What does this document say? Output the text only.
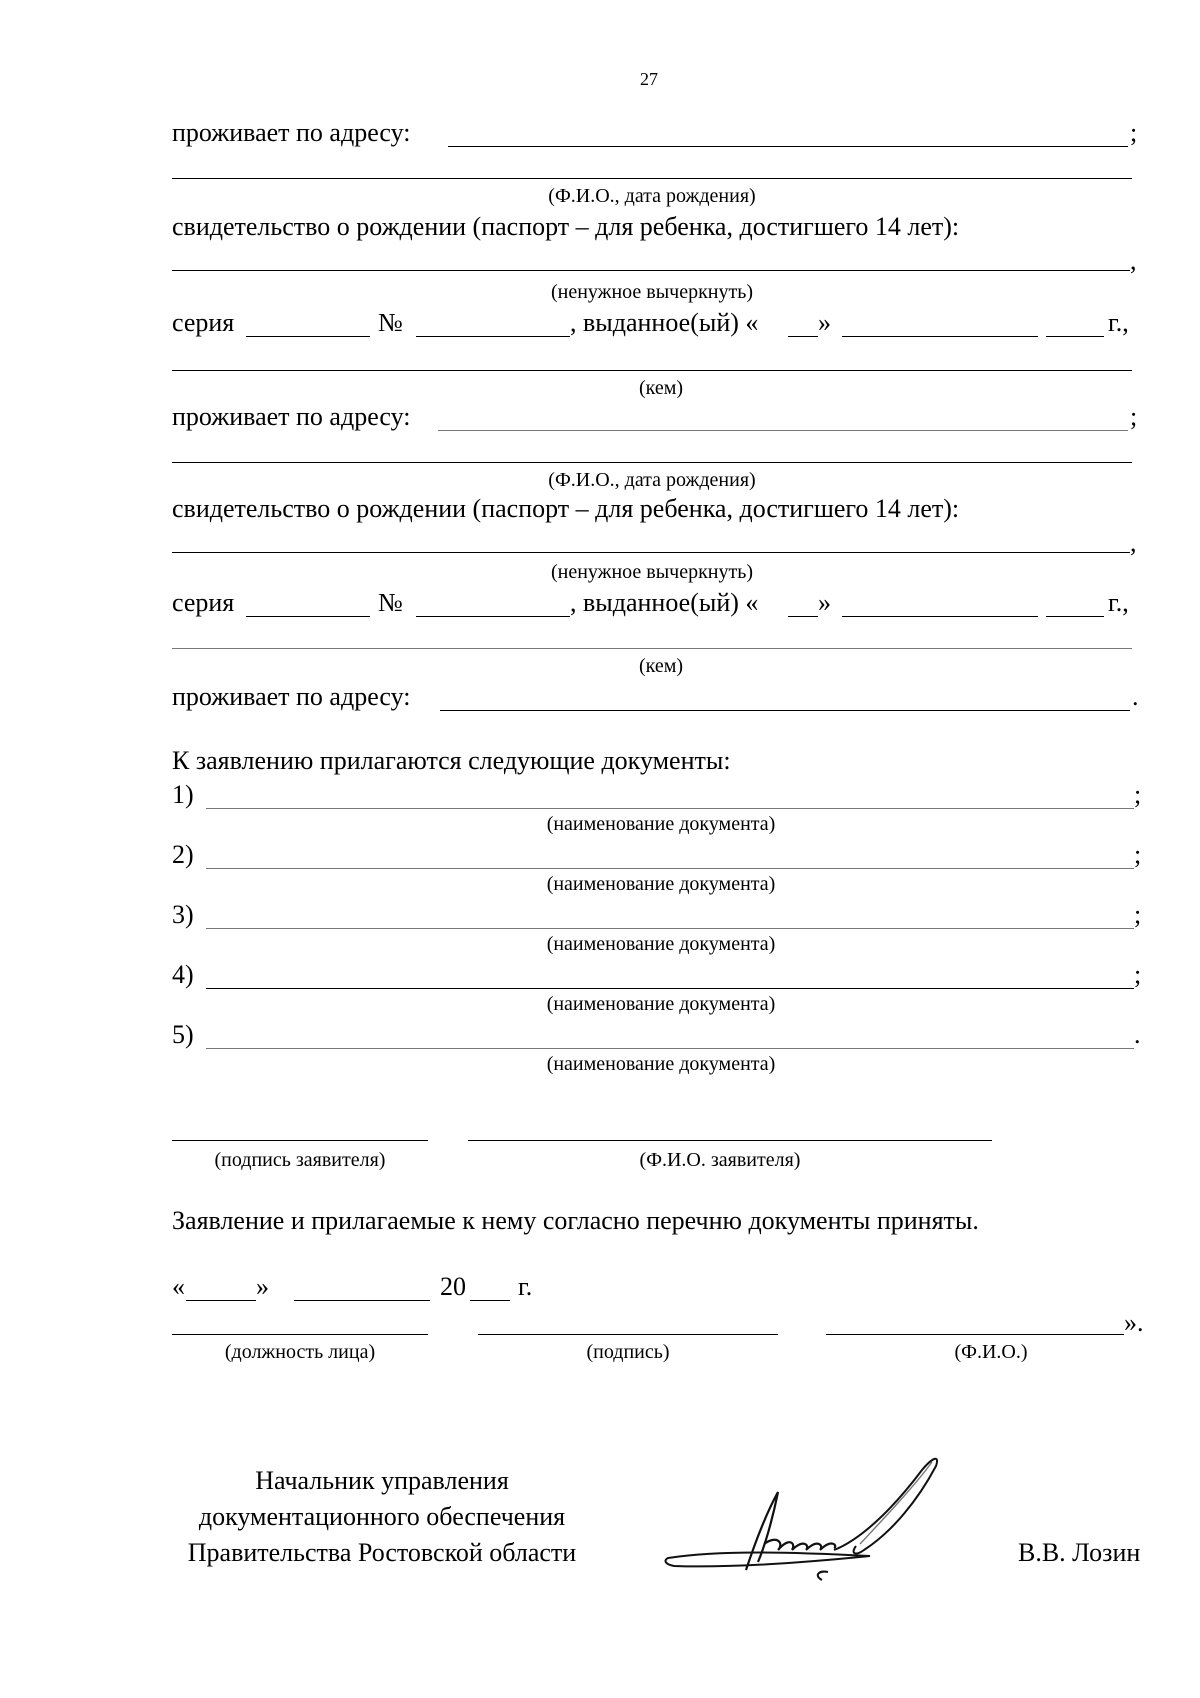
27
проживает по адресу:	;
(Ф.И.О., дата рождения)
свидетельство о рождении (паспорт – для ребенка, достигшего 14 лет):
,
(ненужное вычеркнуть)
серия	№	, выданное(ый) « »	г.,
(кем)
проживает по адресу:	;
(Ф.И.О., дата рождения)
свидетельство о рождении (паспорт – для ребенка, достигшего 14 лет):
,
(ненужное вычеркнуть)
серия	№	, выданное(ый) « »	г.,
(кем)
проживает по адресу:	.
К заявлению прилагаются следующие документы:
1)	;
(наименование документа)
2)	;
(наименование документа)
3)	;
(наименование документа)
4)	;
(наименование документа)
5)	.
(наименование документа)
(подпись заявителя)	(Ф.И.О. заявителя)
Заявление и прилагаемые к нему согласно перечню документы приняты.
«	»	20 г.
».
(должность лица)	(подпись)	(Ф.И.О.)
Начальник управления
документационного обеспечения
Правительства Ростовской области	В.В. Лозин
